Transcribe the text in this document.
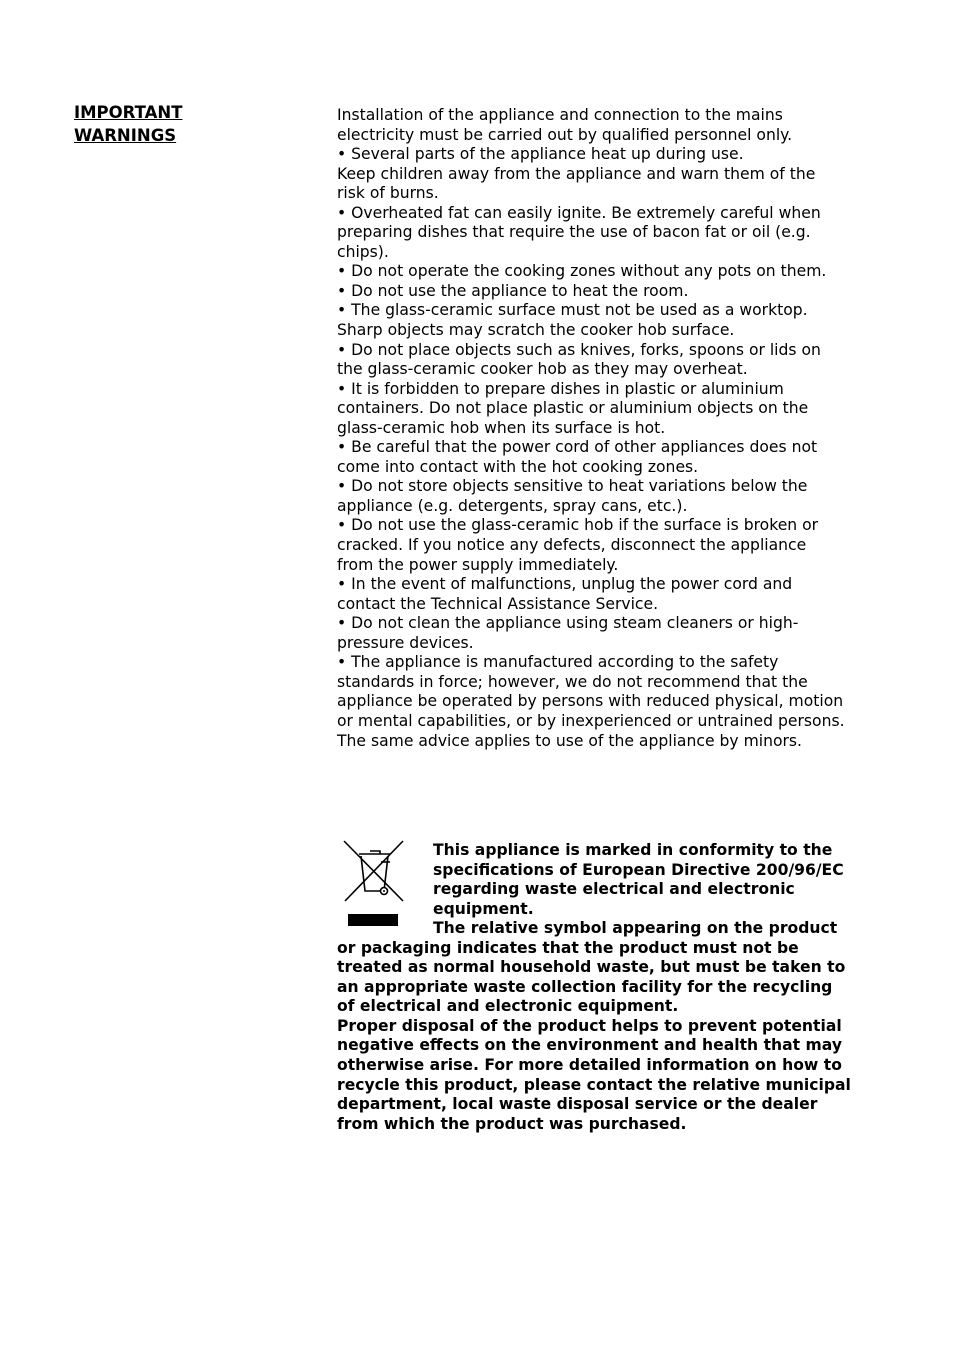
IMPORTANT
WARNINGS
Installation of the appliance and connection to the mains
electricity must be carried out by qualified personnel only.
• Several parts of the appliance heat up during use.
Keep children away from the appliance and warn them of the
risk of burns.
• Overheated fat can easily ignite. Be extremely careful when
preparing dishes that require the use of bacon fat or oil (e.g.
chips).
• Do not operate the cooking zones without any pots on them.
• Do not use the appliance to heat the room.
• The glass-ceramic surface must not be used as a worktop.
Sharp objects may scratch the cooker hob surface.
• Do not place objects such as knives, forks, spoons or lids on
the glass-ceramic cooker hob as they may overheat.
• It is forbidden to prepare dishes in plastic or aluminium
containers. Do not place plastic or aluminium objects on the
glass-ceramic hob when its surface is hot.
• Be careful that the power cord of other appliances does not
come into contact with the hot cooking zones.
• Do not store objects sensitive to heat variations below the
appliance (e.g. detergents, spray cans, etc.).
• Do not use the glass-ceramic hob if the surface is broken or
cracked. If you notice any defects, disconnect the appliance
from the power supply immediately.
• In the event of malfunctions, unplug the power cord and
contact the Technical Assistance Service.
• Do not clean the appliance using steam cleaners or high-
pressure devices.
• The appliance is manufactured according to the safety
standards in force; however, we do not recommend that the
appliance be operated by persons with reduced physical, motion
or mental capabilities, or by inexperienced or untrained persons.
The same advice applies to use of the appliance by minors.
This appliance is marked in conformity to the
specifications of European Directive 200/96/EC
regarding waste electrical and electronic
equipment.
The relative symbol appearing on the product
or packaging indicates that the product must not be
treated as normal household waste, but must be taken to
an appropriate waste collection facility for the recycling
of electrical and electronic equipment.
Proper disposal of the product helps to prevent potential
negative effects on the environment and health that may
otherwise arise. For more detailed information on how to
recycle this product, please contact the relative municipal
department, local waste disposal service or the dealer
from which the product was purchased.
